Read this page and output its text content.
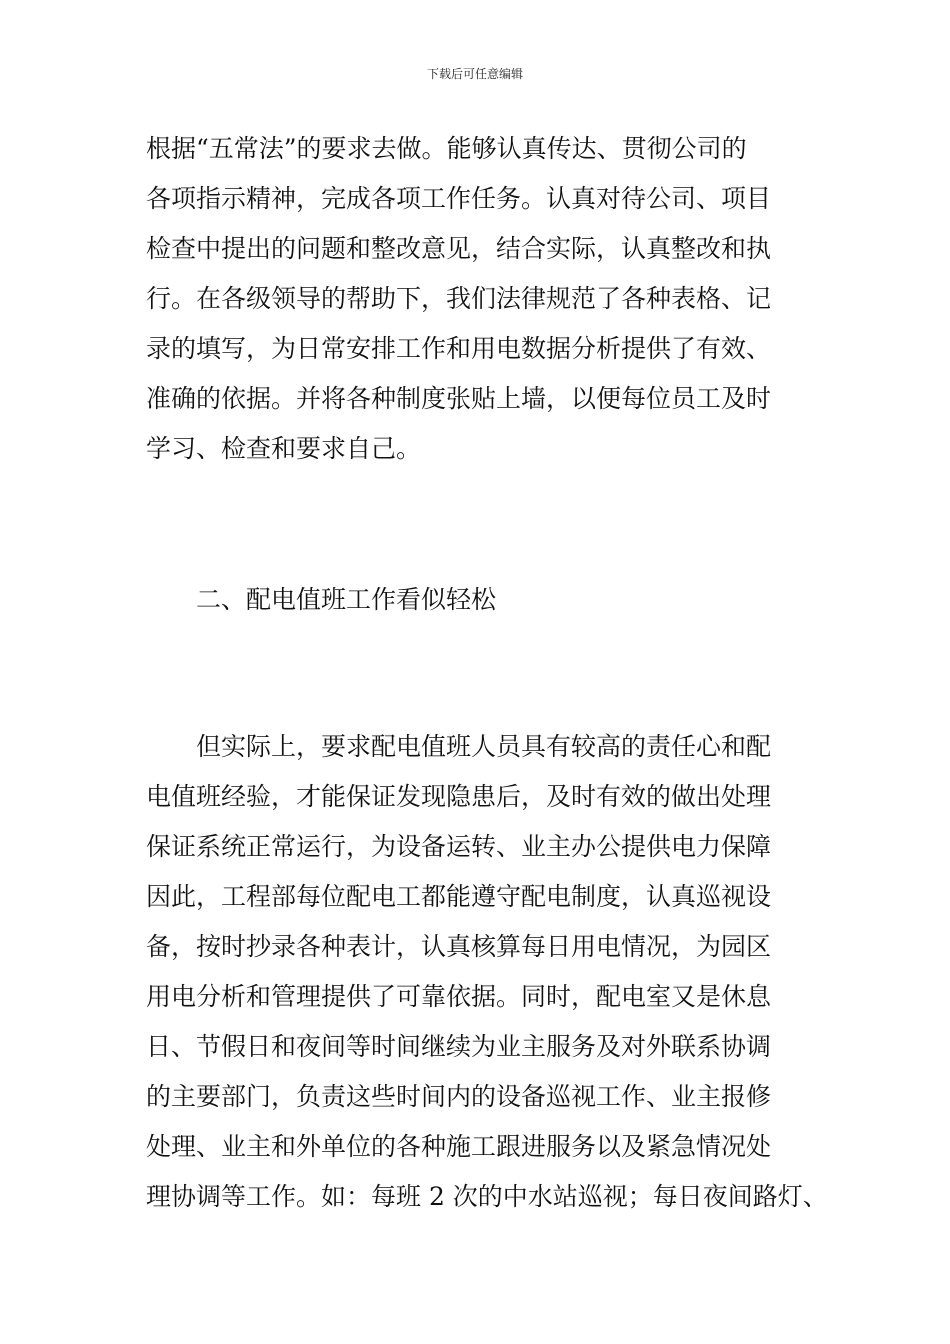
下载后可任意编辑
根据“五常法”的要求去做。能够认真传达、贯彻公司的
各项指示精神，完成各项工作任务。认真对待公司、项目
检查中提出的问题和整改意见，结合实际，认真整改和执
行。在各级领导的帮助下，我们法律规范了各种表格、记
录的填写，为日常安排工作和用电数据分析提供了有效、
准确的依据。并将各种制度张贴上墙，以便每位员工及时
学习、检查和要求自己。
二、配电值班工作看似轻松
但实际上，要求配电值班人员具有较高的责任心和配
电值班经验，才能保证发现隐患后，及时有效的做出处理
保证系统正常运行，为设备运转、业主办公提供电力保障
因此，工程部每位配电工都能遵守配电制度，认真巡视设
备，按时抄录各种表计，认真核算每日用电情况，为园区
用电分析和管理提供了可靠依据。同时，配电室又是休息
日、节假日和夜间等时间继续为业主服务及对外联系协调
的主要部门，负责这些时间内的设备巡视工作、业主报修
处理、业主和外单位的各种施工跟进服务以及紧急情况处
理协调等工作。如：每班 2 次的中水站巡视；每日夜间路灯、
